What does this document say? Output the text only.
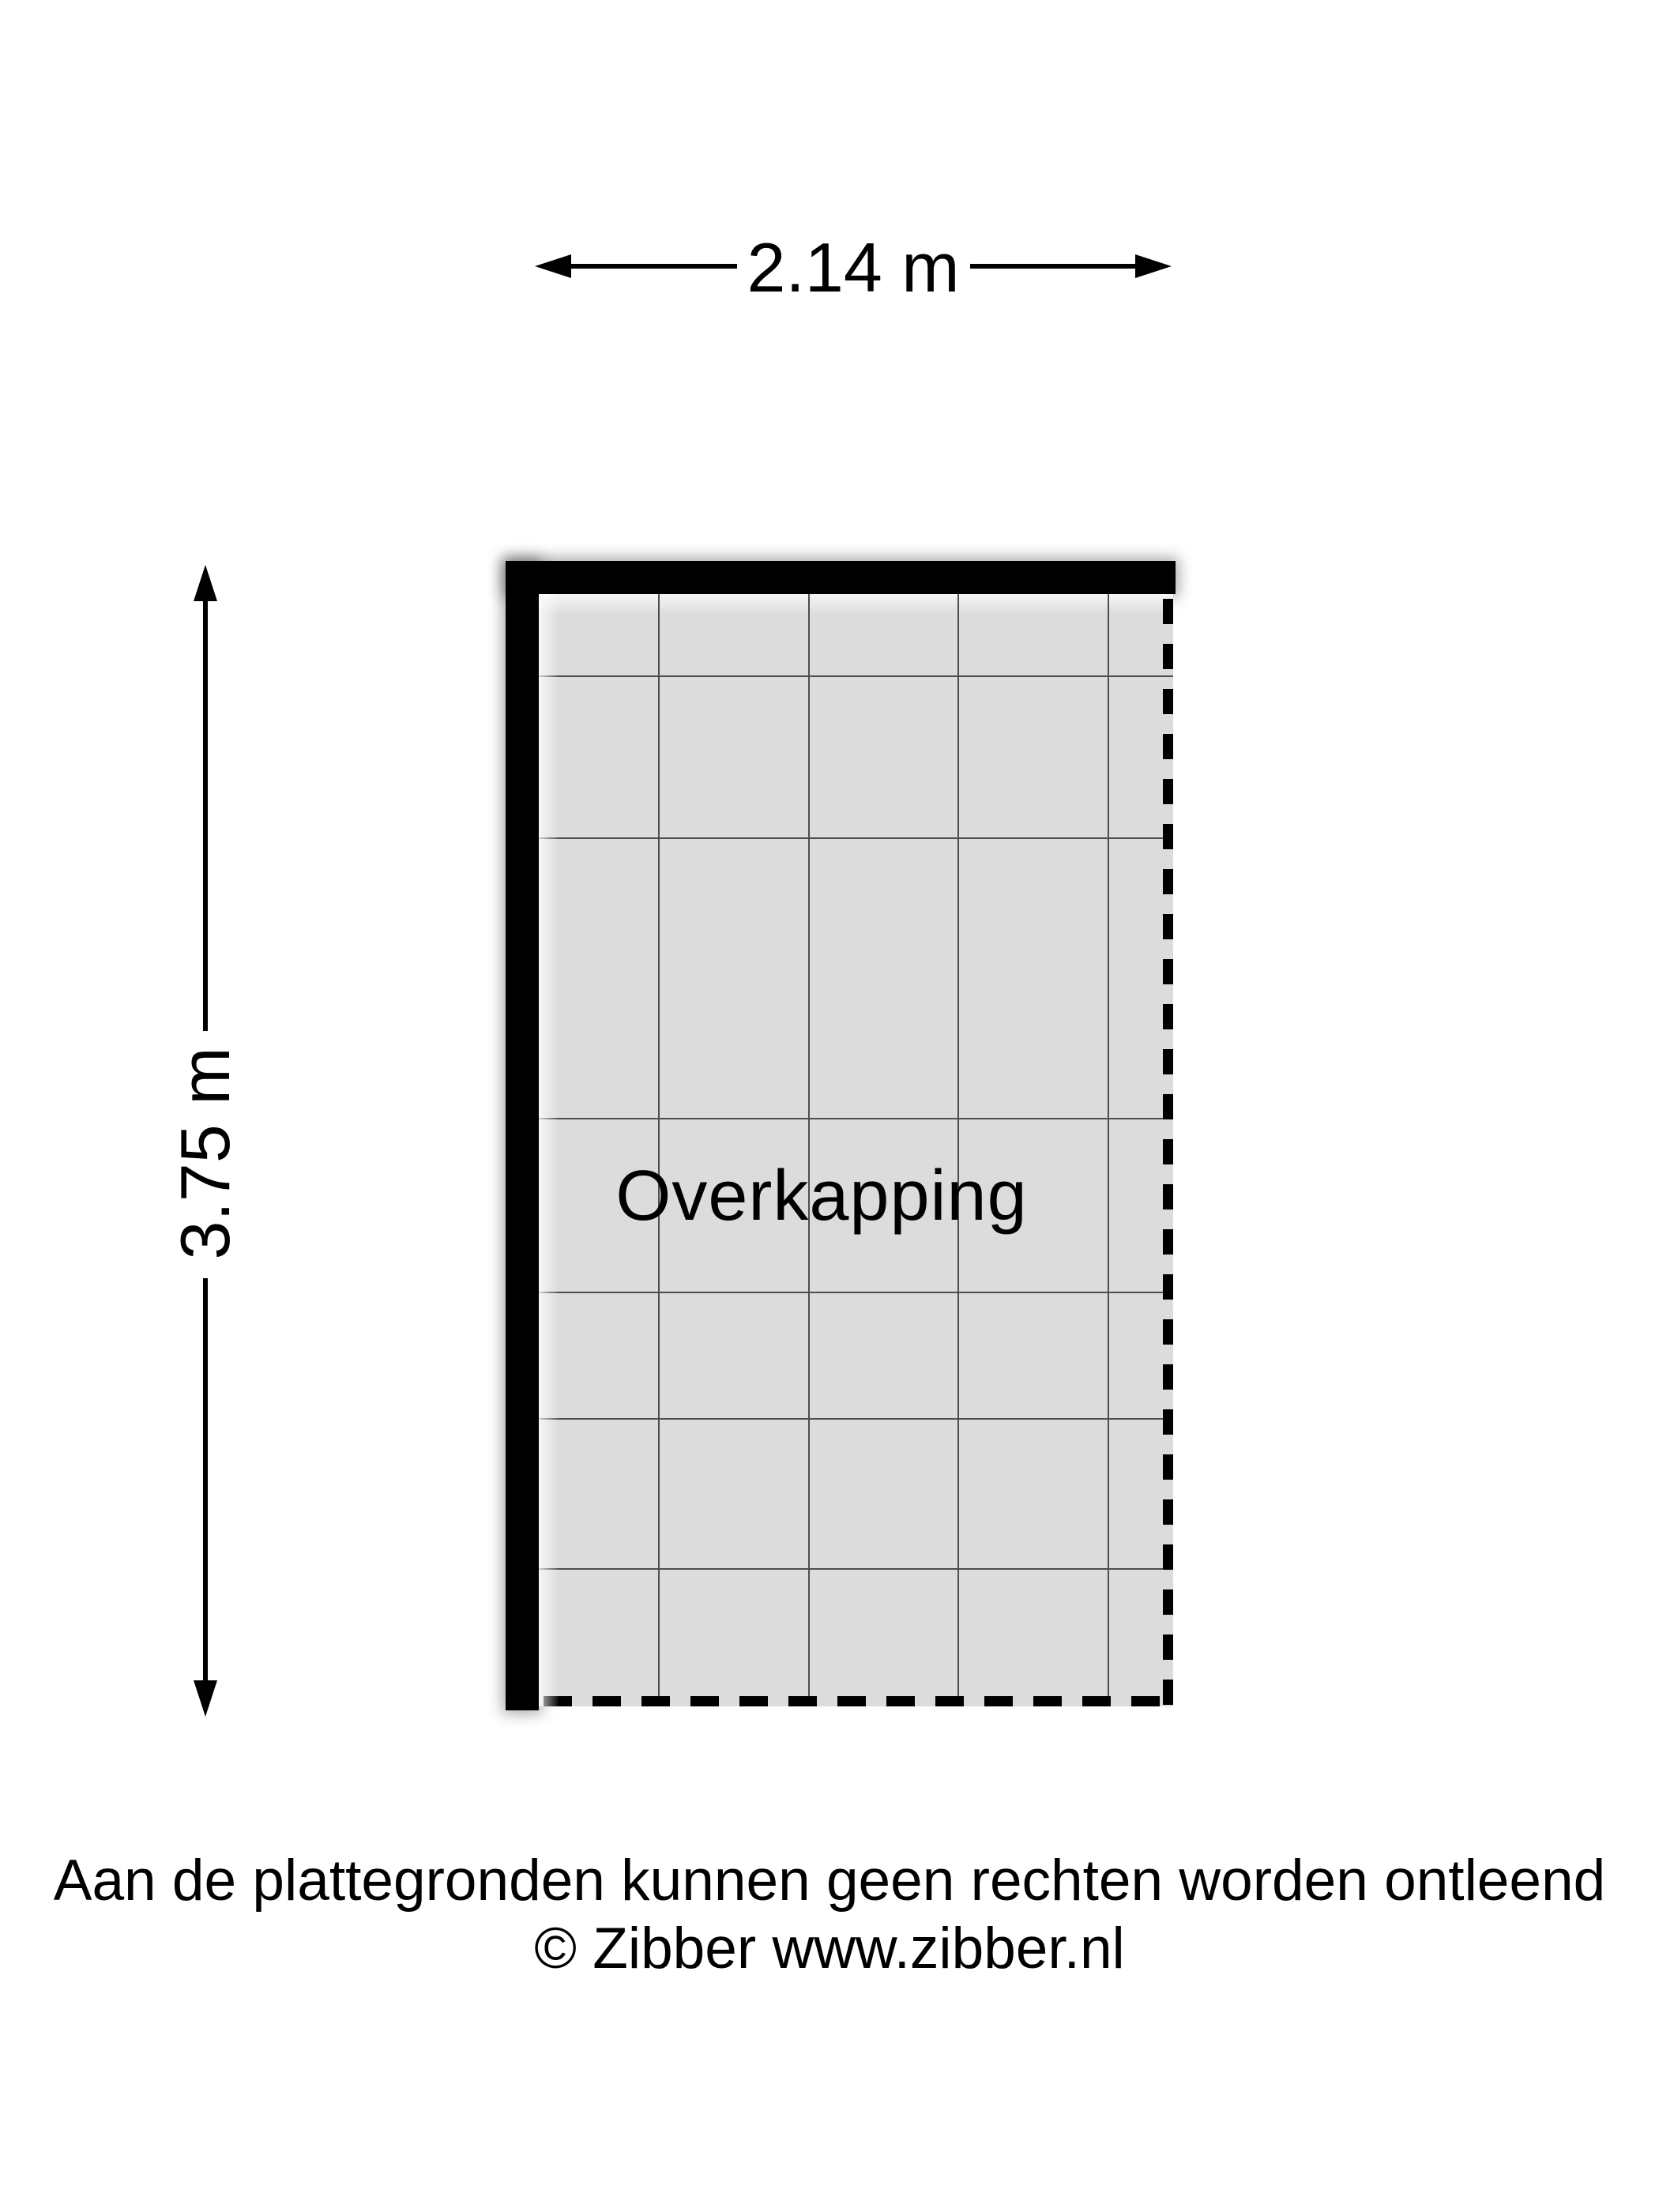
2.14 m
3.75 m	Overkapping
Aan de plattegronden kunnen geen rechten worden ontleend
© Zibber www.zibber.nl
